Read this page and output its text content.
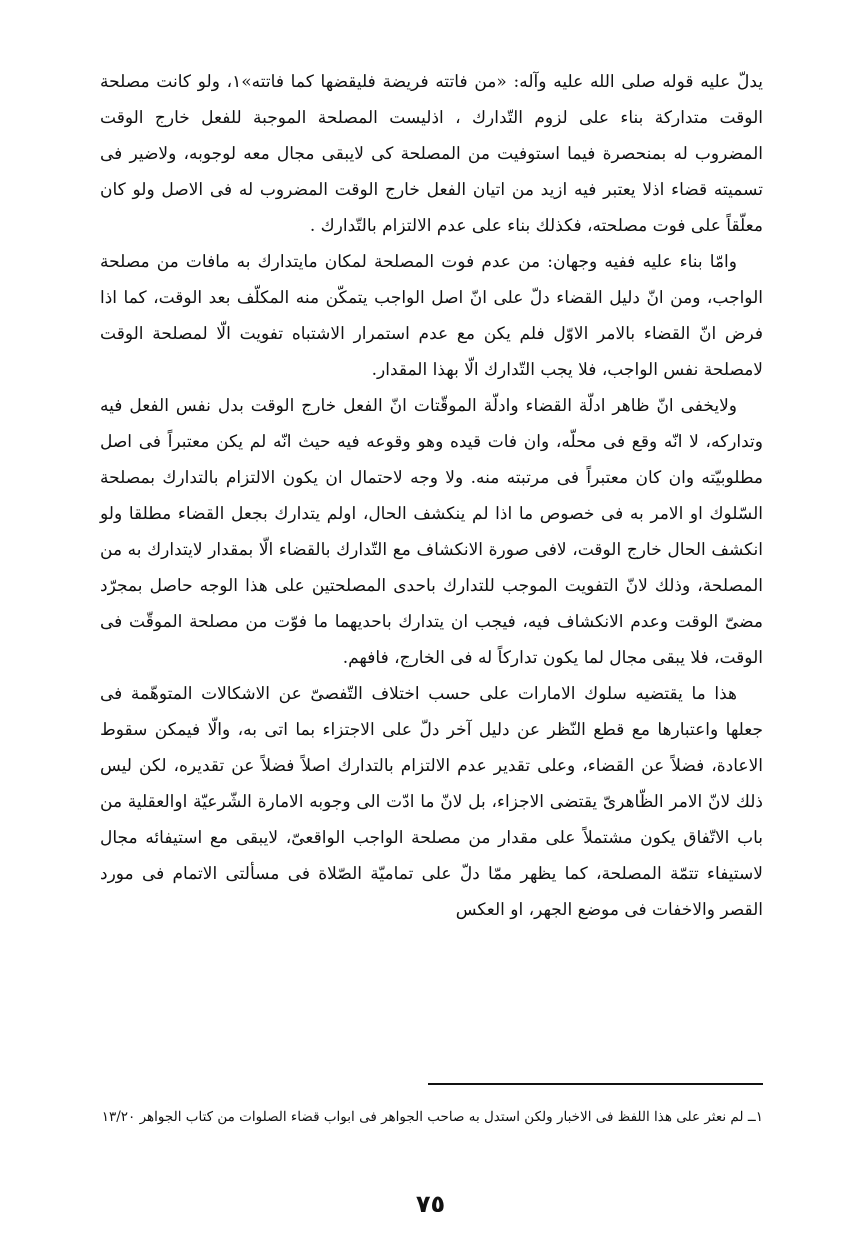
يدلّ عليه قوله صلى الله عليه وآله: «من فاتته فريضة فليقضها كما فاتته»١، ولو كانت مصلحة الوقت متداركة بناء على لزوم التّدارك ، اذليست المصلحة الموجبة للفعل خارج الوقت المضروب له بمنحصرة فيما استوفيت من المصلحة كى لايبقى مجال معه لوجوبه، ولاضير فى تسميته قضاء اذلا يعتبر فيه ازيد من اتيان الفعل خارج الوقت المضروب له فى الاصل ولو كان معلّقاً على فوت مصلحته، فكذلك بناء على عدم الالتزام بالتّدارك .

وامّا بناء عليه ففيه وجهان: من عدم فوت المصلحة لمكان مايتدارك به مافات من مصلحة الواجب، ومن انّ دليل القضاء دلّ على انّ اصل الواجب يتمكّن منه المكلّف بعد الوقت، كما اذا فرض انّ القضاء بالامر الاوّل فلم يكن مع عدم استمرار الاشتباه تفويت الّا لمصلحة الوقت لامصلحة نفس الواجب، فلا يجب التّدارك الّا بهذا المقدار.

ولايخفى انّ ظاهر ادلّة القضاء وادلّة الموقّتات انّ الفعل خارج الوقت بدل نفس الفعل فيه وتداركه، لا انّه وقع فى محلّه، وان فات قيده وهو وقوعه فيه حيث انّه لم يكن معتبراً فى اصل مطلوبيّته وان كان معتبراً فى مرتبته منه. ولا وجه لاحتمال ان يكون الالتزام بالتدارك بمصلحة السّلوك او الامر به فى خصوص ما اذا لم ينكشف الحال، اولم يتدارك بجعل القضاء مطلقا ولو انكشف الحال خارج الوقت، لافى صورة الانكشاف مع التّدارك بالقضاء الّا بمقدار لايتدارك به من المصلحة، وذلك لانّ التفويت الموجب للتدارك باحدى المصلحتين على هذا الوجه حاصل بمجرّد مضىّ الوقت وعدم الانكشاف فيه، فيجب ان يتدارك باحديهما ما فوّت من مصلحة الموقّت فى الوقت، فلا يبقى مجال لما يكون تداركاً له فى الخارج، فافهم.

هذا ما يقتضيه سلوك الامارات على حسب اختلاف التّفصىّ عن الاشكالات المتوهّمة فى جعلها واعتبارها مع قطع النّظر عن دليل آخر دلّ على الاجتزاء بما اتى به، والّا فيمكن سقوط الاعادة، فضلاً عن القضاء، وعلى تقدير عدم الالتزام بالتدارك اصلاً فضلاً عن تقديره، لكن ليس ذلك لانّ الامر الظّاهرىّ يقتضى الاجزاء، بل لانّ ما ادّت الى وجوبه الامارة الشّرعيّة اوالعقلية من باب الاتّفاق يكون مشتملاً على مقدار من مصلحة الواجب الواقعىّ، لايبقى مع استيفائه مجال لاستيفاء تتمّة المصلحة، كما يظهر ممّا دلّ على تماميّة الصّلاة فى مسألتى الاتمام فى مورد القصر والاخفات فى موضع الجهر، او العكس

١ــ لم نعثر على هذا اللفظ فى الاخبار ولكن استدل به صاحب الجواهر فى ابواب قضاء الصلوات من كتاب الجواهر ١٣/٢٠

٧٥
